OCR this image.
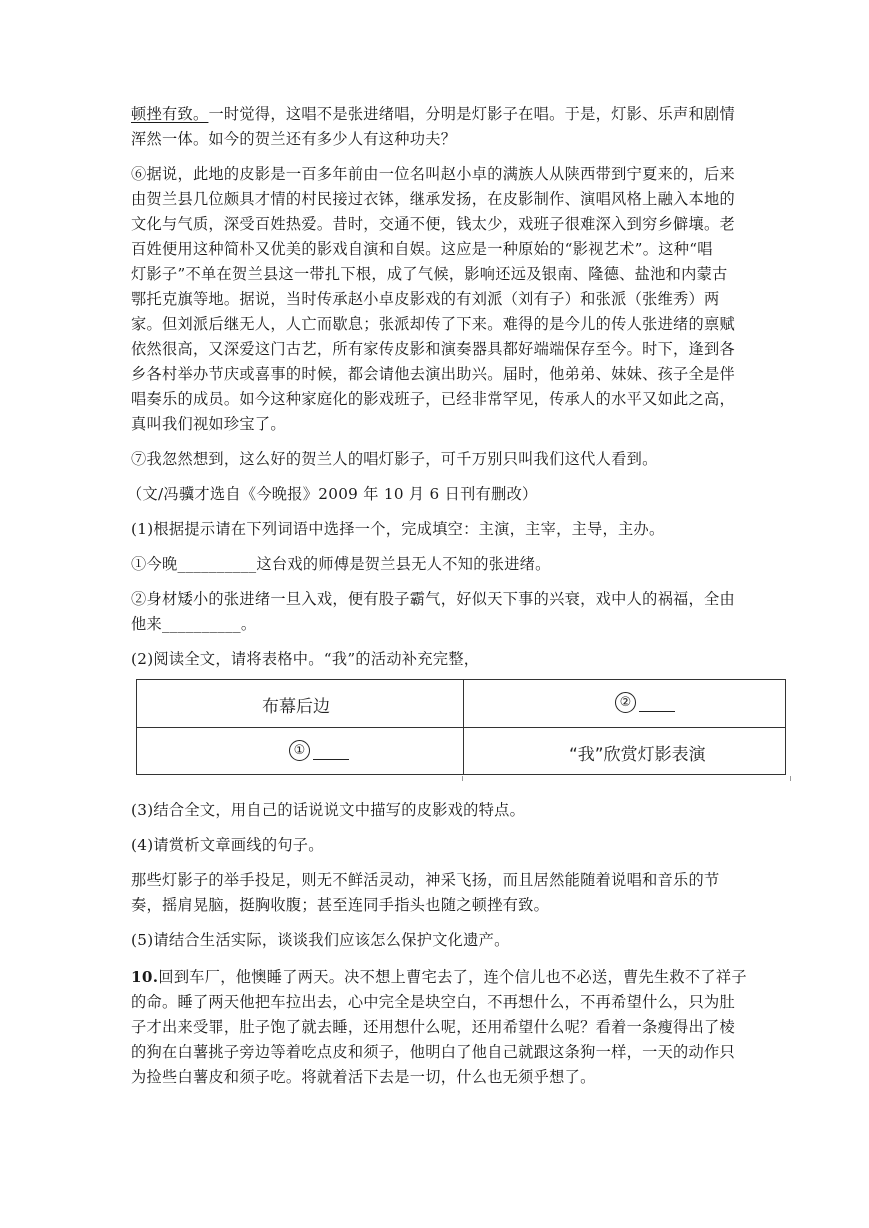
顿挫有致。一时觉得，这唱不是张进绪唱，分明是灯影子在唱。于是，灯影、乐声和剧情
浑然一体。如今的贺兰还有多少人有这种功夫？
⑥据说，此地的皮影是一百多年前由一位名叫赵小卓的满族人从陕西带到宁夏来的，后来
由贺兰县几位颇具才情的村民接过衣钵，继承发扬，在皮影制作、演唱风格上融入本地的
文化与气质，深受百姓热爱。昔时，交通不便，钱太少，戏班子很难深入到穷乡僻壤。老
百姓便用这种简朴又优美的影戏自演和自娱。这应是一种原始的“影视艺术”。这种“唱
灯影子”不单在贺兰县这一带扎下根，成了气候，影响还远及银南、隆德、盐池和内蒙古
鄂托克旗等地。据说，当时传承赵小卓皮影戏的有刘派（刘有子）和张派（张维秀）两
家。但刘派后继无人，人亡而歇息；张派却传了下来。难得的是今儿的传人张进绪的禀赋
依然很高，又深爱这门古艺，所有家传皮影和演奏器具都好端端保存至今。时下，逢到各
乡各村举办节庆或喜事的时候，都会请他去演出助兴。届时，他弟弟、妹妹、孩子全是伴
唱奏乐的成员。如今这种家庭化的影戏班子，已经非常罕见，传承人的水平又如此之高，
真叫我们视如珍宝了。
⑦我忽然想到，这么好的贺兰人的唱灯影子，可千万别只叫我们这代人看到。
（文/冯骥才选自《今晚报》2009 年 10 月 6 日刊有删改）
(1)根据提示请在下列词语中选择一个，完成填空：主演，主宰，主导，主办。
①今晚__________这台戏的师傅是贺兰县无人不知的张进绪。
②身材矮小的张进绪一旦入戏，便有股子霸气，好似天下事的兴衰，戏中人的祸福，全由
他来__________。
(2)阅读全文，请将表格中。“我”的活动补充完整，
布幕后边	②
①	“我”欣赏灯影表演
(3)结合全文，用自己的话说说文中描写的皮影戏的特点。
(4)请赏析文章画线的句子。
那些灯影子的举手投足，则无不鲜活灵动，神采飞扬，而且居然能随着说唱和音乐的节
奏，摇肩晃脑，挺胸收腹；甚至连同手指头也随之顿挫有致。
(5)请结合生活实际，谈谈我们应该怎么保护文化遗产。
10.回到车厂，他懊睡了两天。决不想上曹宅去了，连个信儿也不必送，曹先生救不了祥子
的命。睡了两天他把车拉出去，心中完全是块空白，不再想什么，不再希望什么，只为肚
子才出来受罪，肚子饱了就去睡，还用想什么呢，还用希望什么呢？看着一条瘦得出了棱
的狗在白薯挑子旁边等着吃点皮和须子，他明白了他自己就跟这条狗一样，一天的动作只
为捡些白薯皮和须子吃。将就着活下去是一切，什么也无须乎想了。
